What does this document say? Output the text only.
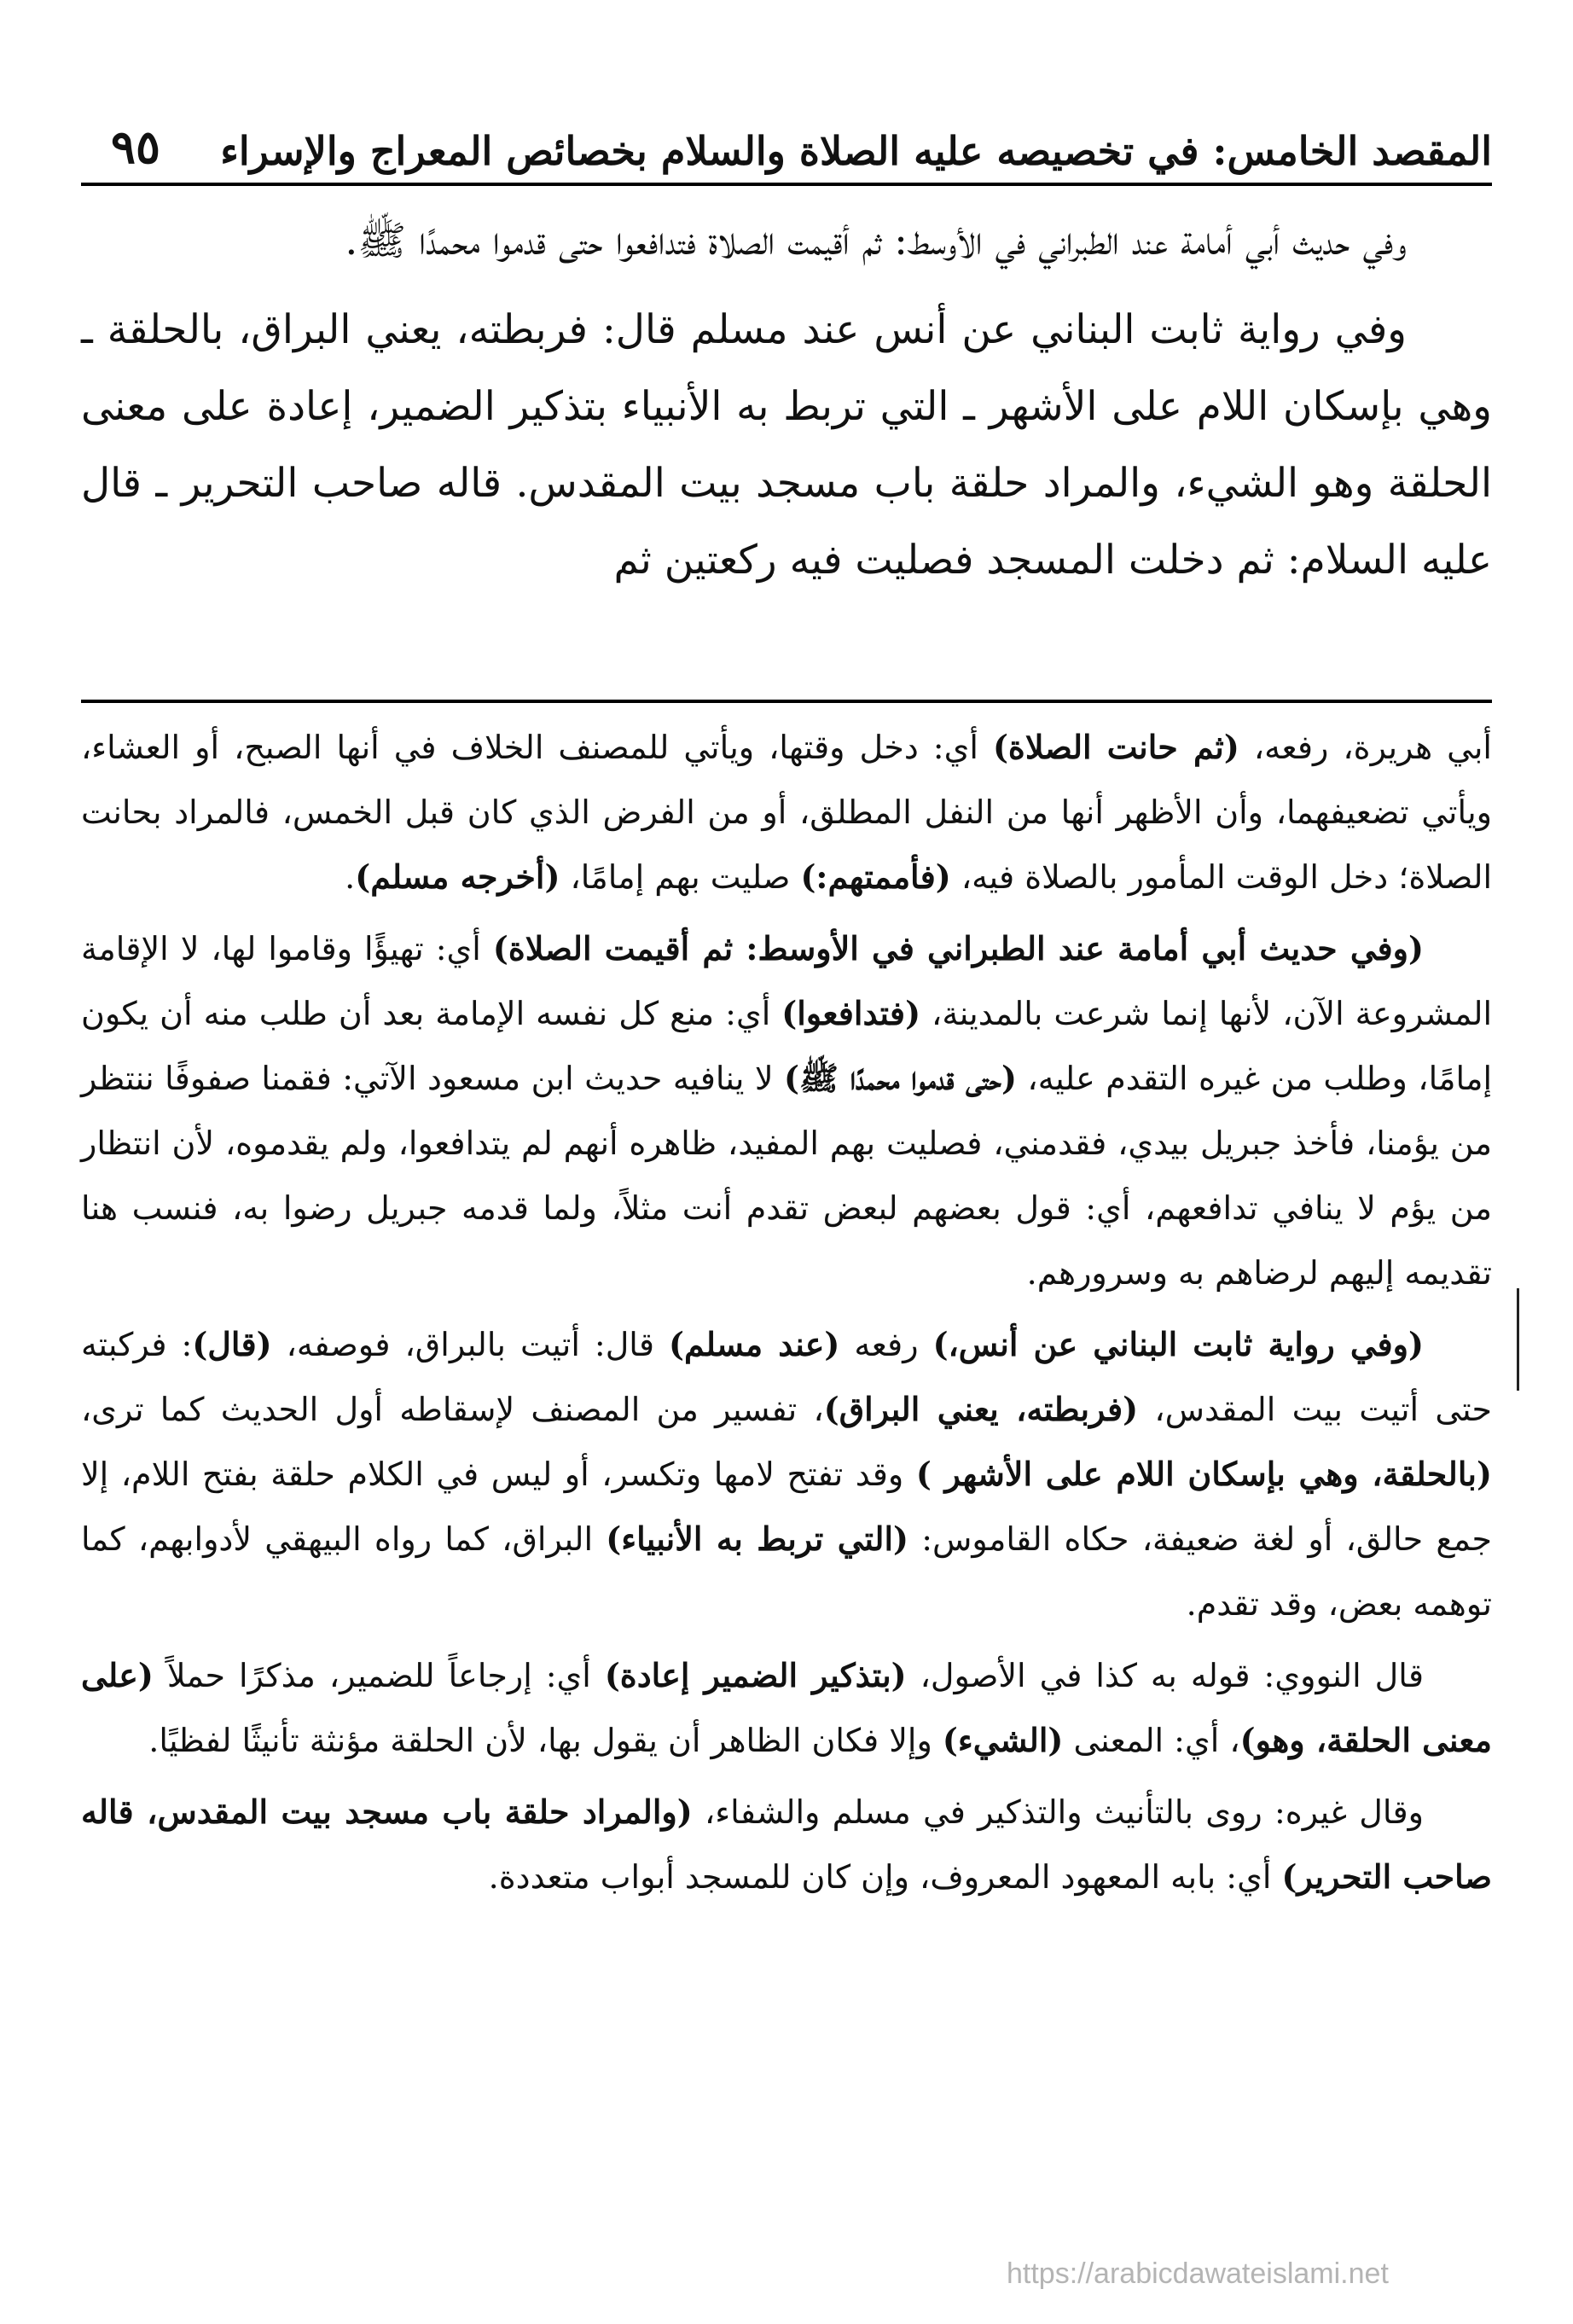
المقصد الخامس: في تخصيصه عليه الصلاة والسلام بخصائص المعراج والإسراء
٩٥

وفي حديث أبي أمامة عند الطبراني في الأوسط: ثم أقيمت الصلاة فتدافعوا حتى قدموا محمدًا ﷺ.

وفي رواية ثابت البناني عن أنس عند مسلم قال: فربطته، يعني البراق، بالحلقة ـ وهي بإسكان اللام على الأشهر ـ التي تربط به الأنبياء بتذكير الضمير، إعادة على معنى الحلقة وهو الشيء، والمراد حلقة باب مسجد بيت المقدس. قاله صاحب التحرير ـ قال عليه السلام: ثم دخلت المسجد فصليت فيه ركعتين ثم

أبي هريرة، رفعه، (ثم حانت الصلاة) أي: دخل وقتها، ويأتي للمصنف الخلاف في أنها الصبح، أو العشاء، ويأتي تضعيفهما، وأن الأظهر أنها من النفل المطلق، أو من الفرض الذي كان قبل الخمس، فالمراد بحانت الصلاة؛ دخل الوقت المأمور بالصلاة فيه، (فأممتهم:) صليت بهم إمامًا، (أخرجه مسلم).

(وفي حديث أبي أمامة عند الطبراني في الأوسط: ثم أقيمت الصلاة) أي: تهيؤًا وقاموا لها، لا الإقامة المشروعة الآن، لأنها إنما شرعت بالمدينة، (فتدافعوا) أي: منع كل نفسه الإمامة بعد أن طلب منه أن يكون إمامًا، وطلب من غيره التقدم عليه، (حتى قدموا محمدًا ﷺ) لا ينافيه حديث ابن مسعود الآتي: فقمنا صفوفًا ننتظر من يؤمنا، فأخذ جبريل بيدي، فقدمني، فصليت بهم المفيد، ظاهره أنهم لم يتدافعوا، ولم يقدموه، لأن انتظار من يؤم لا ينافي تدافعهم، أي: قول بعضهم لبعض تقدم أنت مثلاً، ولما قدمه جبريل رضوا به، فنسب هنا تقديمه إليهم لرضاهم به وسرورهم.

(وفي رواية ثابت البناني عن أنس،) رفعه (عند مسلم) قال: أتيت بالبراق، فوصفه، (قال): فركبته حتى أتيت بيت المقدس، (فربطته، يعني البراق)، تفسير من المصنف لإسقاطه أول الحديث كما ترى، (بالحلقة، وهي بإسكان اللام على الأشهر ) وقد تفتح لامها وتكسر، أو ليس في الكلام حلقة بفتح اللام، إلا جمع حالق، أو لغة ضعيفة، حكاه القاموس: (التي تربط به الأنبياء) البراق، كما رواه البيهقي لأدوابهم، كما توهمه بعض، وقد تقدم.

قال النووي: قوله به كذا في الأصول، (بتذكير الضمير إعادة) أي: إرجاعاً للضمير، مذكرًا حملاً (على معنى الحلقة، وهو)، أي: المعنى (الشيء) وإلا فكان الظاهر أن يقول بها، لأن الحلقة مؤنثة تأنيثًا لفظيًا.

وقال غيره: روى بالتأنيث والتذكير في مسلم والشفاء، (والمراد حلقة باب مسجد بيت المقدس، قاله صاحب التحرير) أي: بابه المعهود المعروف، وإن كان للمسجد أبواب متعددة.

https://arabicdawateislami.net
